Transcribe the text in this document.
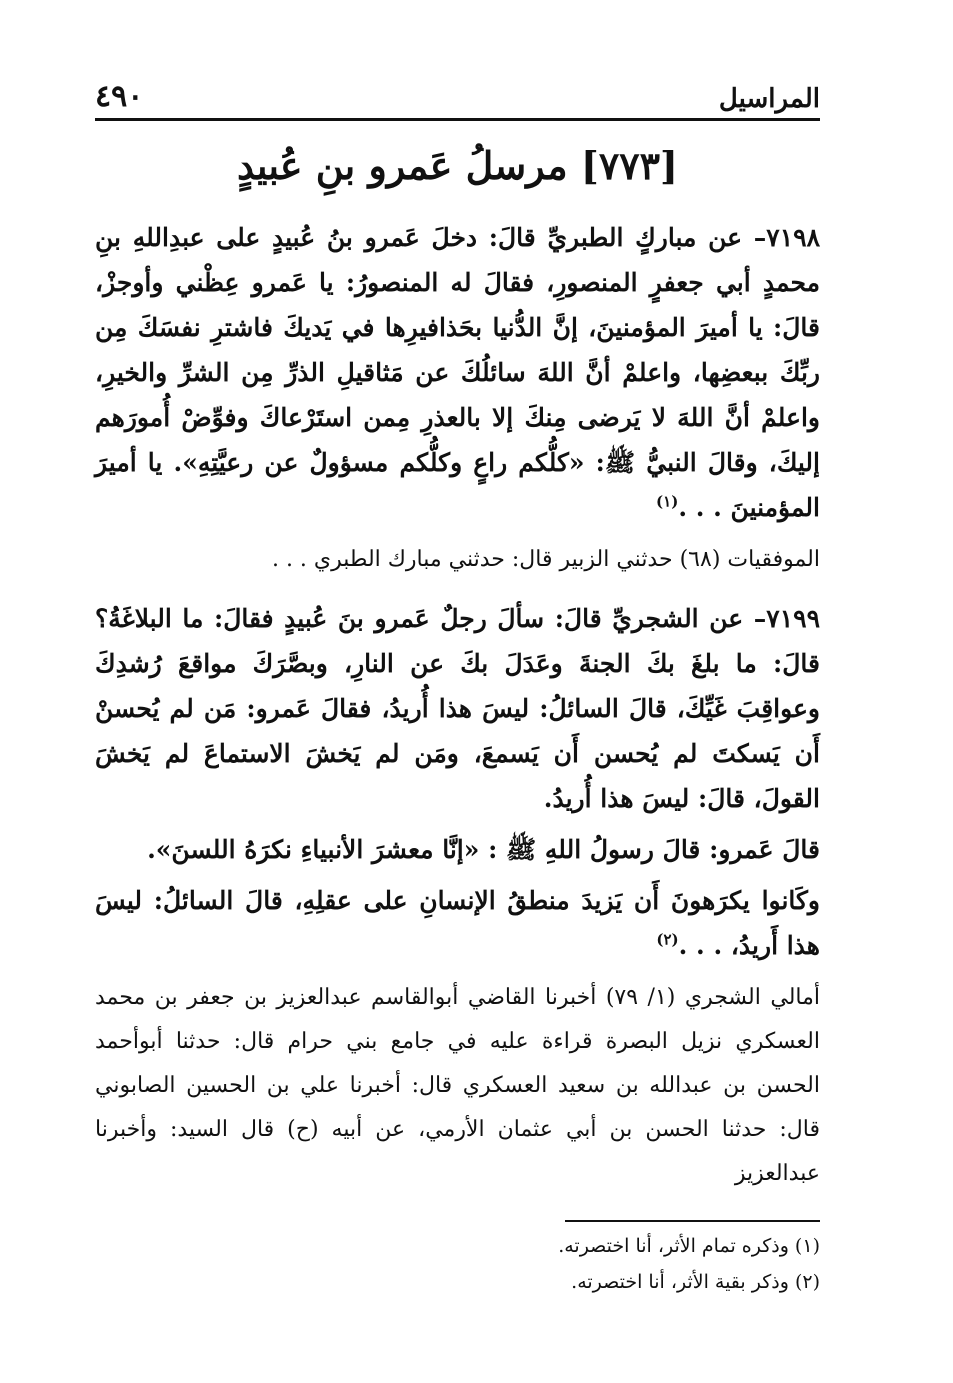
المراسيل
٤٩٠
[٧٧٣] مرسلُ عَمرو بنِ عُبيدٍ

٧١٩٨– عن مباركٍ الطبريِّ قالَ: دخلَ عَمرو بنُ عُبيدٍ على عبدِاللهِ بنِ محمدٍ أبي جعفرٍ المنصورِ، فقالَ له المنصورُ: يا عَمرو عِظْني وأوجزْ، قالَ: يا أميرَ المؤمنينَ، إنَّ الدُّنيا بحَذافيرِها في يَديكَ فاشترِ نفسَكَ مِن ربِّكَ ببعضِها، واعلمْ أنَّ اللهَ سائلُكَ عن مَثاقيلِ الذرِّ مِن الشرِّ والخيرِ، واعلمْ أنَّ اللهَ لا يَرضى مِنكَ إلا بالعذرِ مِمن استَرْعاكَ وفوِّضْ أُمورَهم إليكَ، وقالَ النبيُّ ﷺ: «كلُّكم راعٍ وكلُّكم مسؤولٌ عن رعيَّتِهِ». يا أميرَ المؤمنينَ . . .$^{(١)}$

الموفقيات (٦٨) حدثني الزبير قال: حدثني مبارك الطبري . . .

٧١٩٩– عن الشجريِّ قالَ: سألَ رجلٌ عَمرو بنَ عُبيدٍ فقالَ: ما البلاغَةُ؟ قالَ: ما بلغَ بكَ الجنةَ وعَدَلَ بكَ عن النارِ، وبصَّرَكَ مواقعَ رُشدِكَ وعواقِبَ غَيِّكَ، قالَ السائلُ: ليسَ هذا أُريدُ، فقالَ عَمرو: مَن لم يُحسنْ أَن يَسكتَ لم يُحسن أَن يَسمعَ، ومَن لم يَخشَ الاستماعَ لم يَخشَ القولَ، قالَ: ليسَ هذا أُريدُ.

قالَ عَمرو: قالَ رسولُ اللهِ ﷺ : «إنَّا معشرَ الأنبياءِ نكرَهُ اللسنَ».

وكَانوا يكرَهونَ أَن يَزيدَ منطقُ الإنسانِ على عقلِهِ، قالَ السائلُ: ليسَ هذا أَريدُ، . . .$^{(٢)}$

أمالي الشجري (١/ ٧٩) أخبرنا القاضي أبوالقاسم عبدالعزيز بن جعفر بن محمد العسكري نزيل البصرة قراءة عليه في جامع بني حرام قال: حدثنا أبوأحمد الحسن بن عبدالله بن سعيد العسكري قال: أخبرنا علي بن الحسين الصابوني قال: حدثنا الحسن بن أبي عثمان الأرمي، عن أبيه (ح) قال السيد: وأخبرنا عبدالعزيز

(١) وذكره تمام الأثر، أنا اختصرته.

(٢) وذكر بقية الأثر، أنا اختصرته.
